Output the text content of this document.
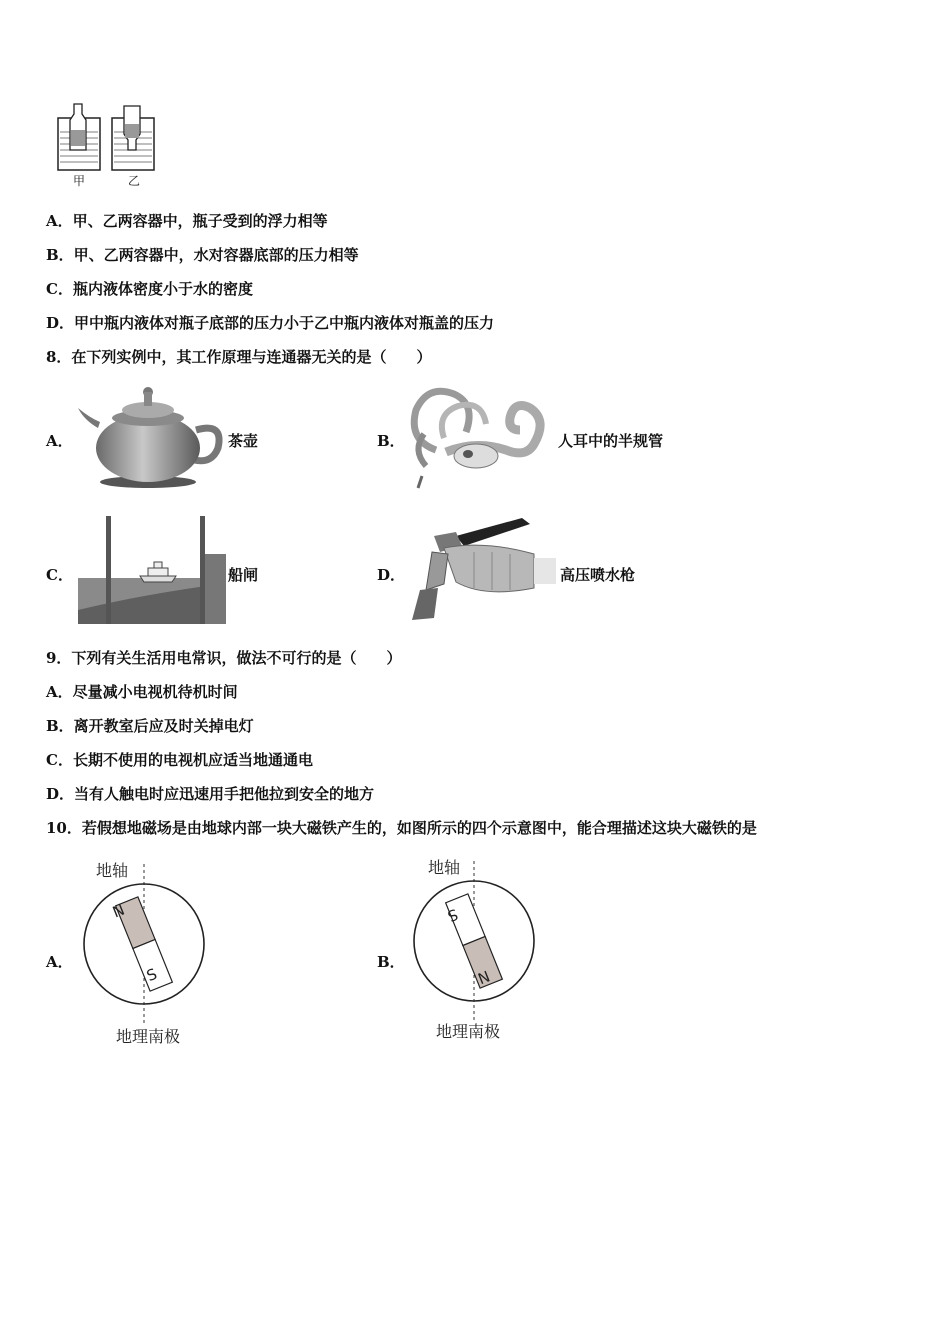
甲	乙
A．甲、乙两容器中，瓶子受到的浮力相等
B．甲、乙两容器中，水对容器底部的压力相等
C．瓶内液体密度小于水的密度
D．甲中瓶内液体对瓶子底部的压力小于乙中瓶内液体对瓶盖的压力
8．在下列实例中，其工作原理与连通器无关的是（　　）
A．	茶壶	B．	人耳中的半规管
C．	船闸	D．	高压喷水枪
9．下列有关生活用电常识，做法不可行的是（　　）
A．尽量减小电视机待机时间
B．离开教室后应及时关掉电灯
C．长期不使用的电视机应适当地通通电
D．当有人触电时应迅速用手把他拉到安全的地方
10．若假想地磁场是由地球内部一块大磁铁产生的，如图所示的四个示意图中，能合理描述这块大磁铁的是
A．
地轴
N
S
地理南极
B．
地轴
S
N
地理南极
